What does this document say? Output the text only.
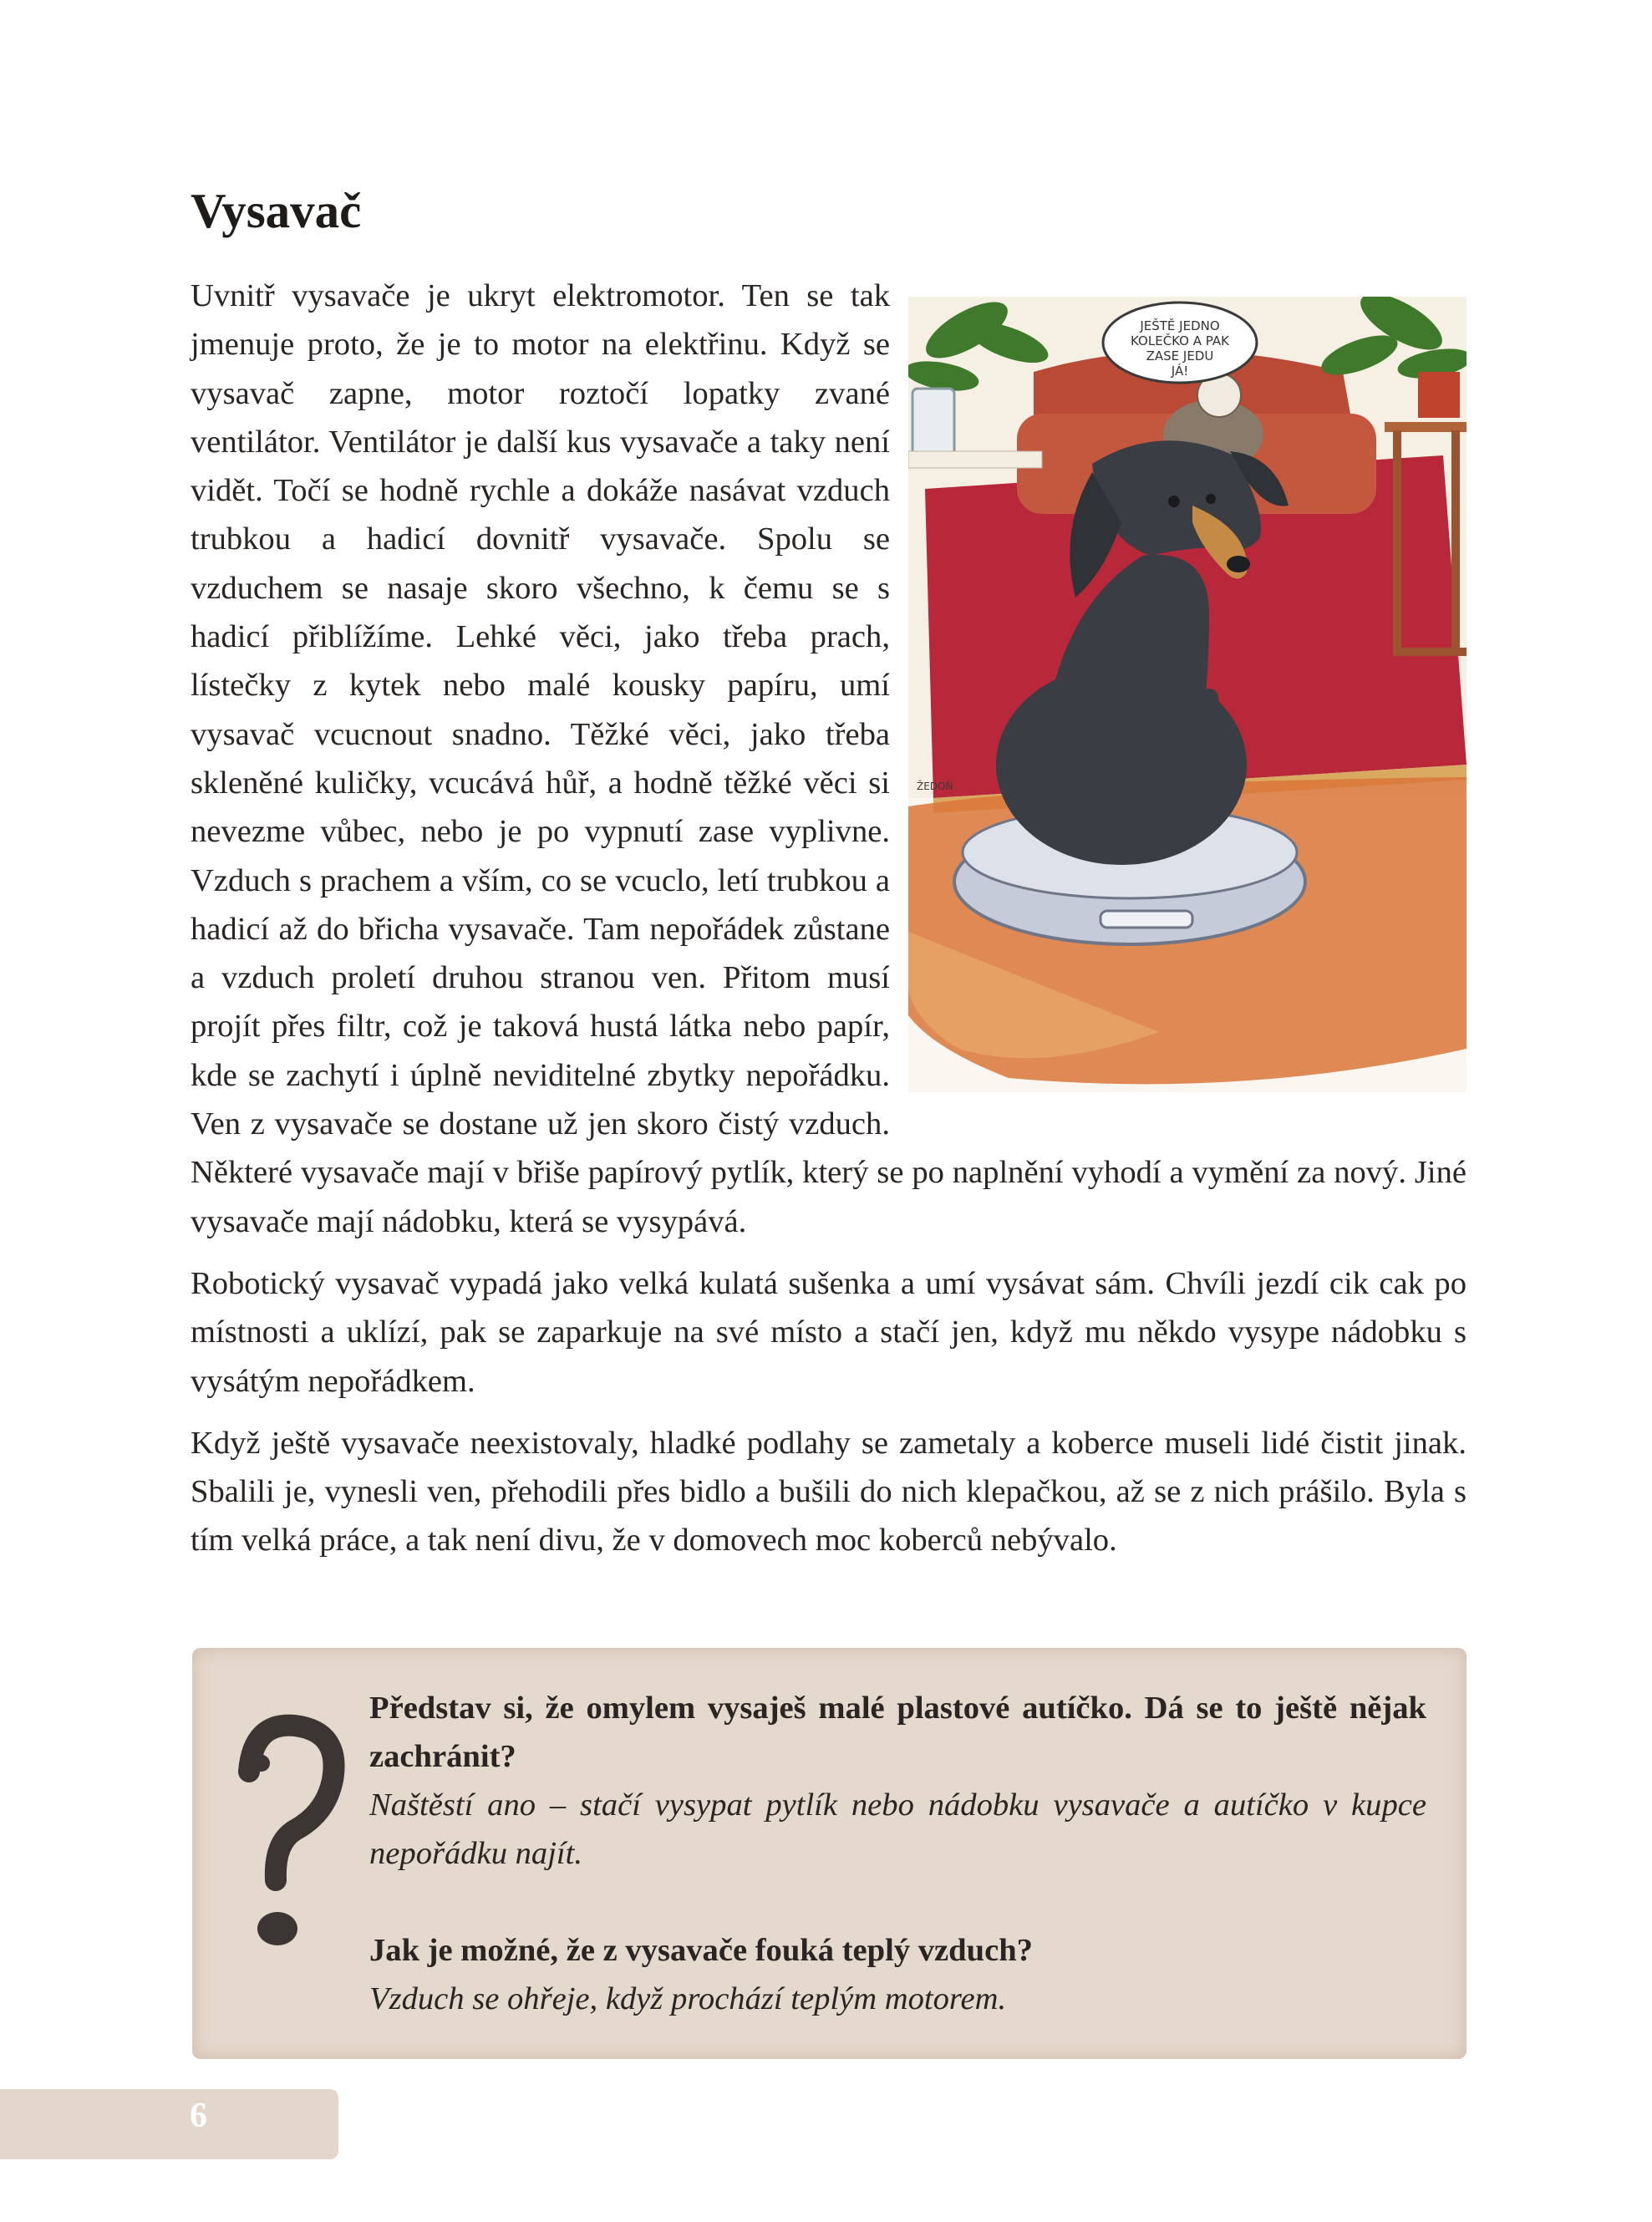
Vysavač
JEŠTĚ JEDNO
KOLEČKO A PAK
ZASE JEDU
JÁ!
ŽEDOŇ

Uvnitř vysavače je ukryt elektromotor. Ten se tak jmenuje proto, že je to motor na elektřinu. Když se vysavač zapne, motor roztočí lopatky zvané ventilátor. Ventilátor je další kus vysavače a taky není vidět. Točí se hodně rychle a dokáže nasávat vzduch trubkou a hadicí dovnitř vysavače. Spolu se vzduchem se nasaje skoro všechno, k čemu se s hadicí přiblížíme. Lehké věci, jako třeba prach, lístečky z kytek nebo malé kousky papíru, umí vysavač vcucnout snadno. Těžké věci, jako třeba skleněné kuličky, vcucává hůř, a hodně těžké věci si nevezme vůbec, nebo je po vypnutí zase vyplivne. Vzduch s prachem a vším, co se vcuclo, letí trubkou a hadicí až do břicha vysavače. Tam nepořádek zůstane a vzduch proletí druhou stranou ven. Přitom musí projít přes filtr, což je taková hustá látka nebo papír, kde se zachytí i úplně neviditelné zbytky nepořádku. Ven z vysavače se dostane už jen skoro čistý vzduch. Některé vysavače mají v břiše papírový pytlík, který se po naplnění vyhodí a vymění za nový. Jiné vysavače mají nádobku, která se vysypává.

Robotický vysavač vypadá jako velká kulatá sušenka a umí vysávat sám. Chvíli jezdí cik cak po místnosti a uklízí, pak se zaparkuje na své místo a stačí jen, když mu někdo vysype nádobku s vysátým nepořádkem.

Když ještě vysavače neexistovaly, hladké podlahy se zametaly a koberce museli lidé čistit jinak. Sbalili je, vynesli ven, přehodili přes bidlo a bušili do nich klepačkou, až se z nich prášilo. Byla s tím velká práce, a tak není divu, že v domovech moc koberců nebývalo.

Představ si, že omylem vysaješ malé plastové autíčko. Dá se to ještě nějak zachránit?

Naštěstí ano – stačí vysypat pytlík nebo nádobku vysavače a autíčko v kupce nepořádku najít.

Jak je možné, že z vysavače fouká teplý vzduch?

Vzduch se ohřeje, když prochází teplým motorem.

6
